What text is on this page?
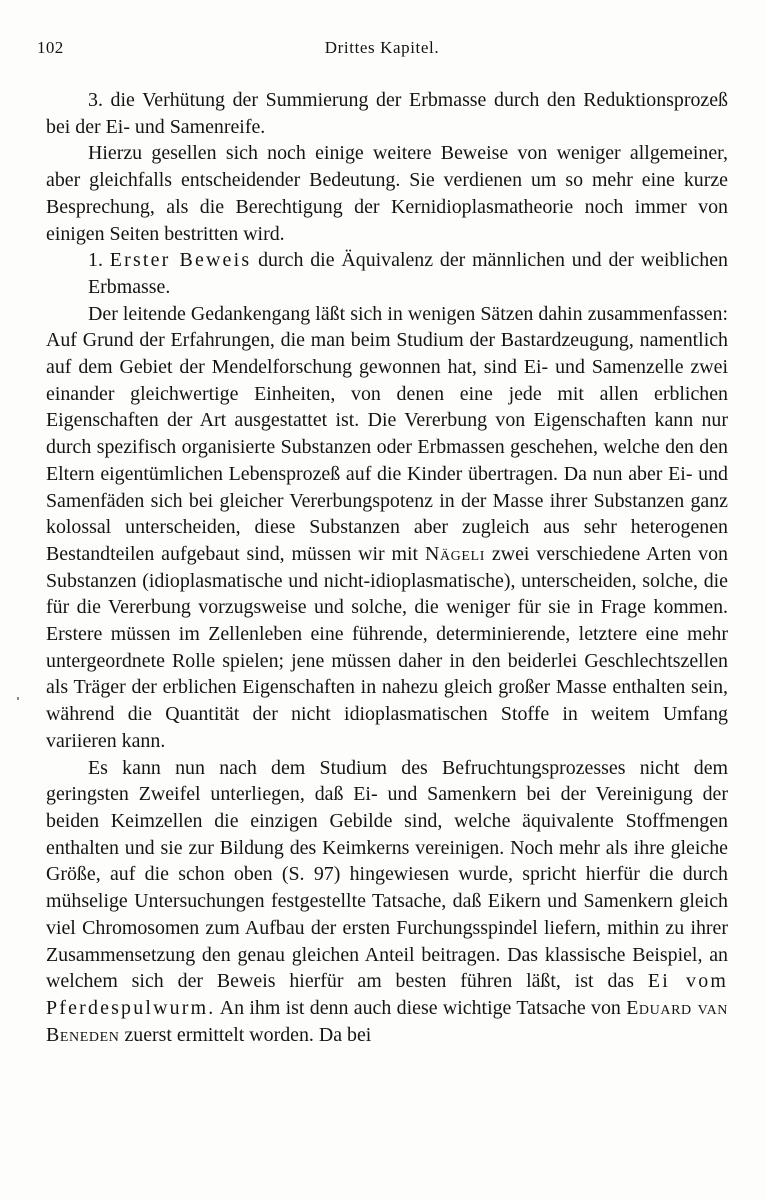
102	Drittes Kapitel.

3. die Verhütung der Summierung der Erbmasse durch den Reduktionsprozeß bei der Ei- und Samenreife.

Hierzu gesellen sich noch einige weitere Beweise von weniger allgemeiner, aber gleichfalls entscheidender Bedeutung. Sie verdienen um so mehr eine kurze Besprechung, als die Berechtigung der Kernidioplasmatheorie noch immer von einigen Seiten bestritten wird.

1. Erster Beweis durch die Äquivalenz der männlichen und der weiblichen Erbmasse.

Der leitende Gedankengang läßt sich in wenigen Sätzen dahin zusammenfassen: Auf Grund der Erfahrungen, die man beim Studium der Bastardzeugung, namentlich auf dem Gebiet der Mendelforschung gewonnen hat, sind Ei- und Samenzelle zwei einander gleichwertige Einheiten, von denen eine jede mit allen erblichen Eigenschaften der Art ausgestattet ist. Die Vererbung von Eigenschaften kann nur durch spezifisch organisierte Substanzen oder Erbmassen geschehen, welche den den Eltern eigentümlichen Lebensprozeß auf die Kinder übertragen. Da nun aber Ei- und Samenfäden sich bei gleicher Vererbungspotenz in der Masse ihrer Substanzen ganz kolossal unterscheiden, diese Substanzen aber zugleich aus sehr heterogenen Bestandteilen aufgebaut sind, müssen wir mit Nägeli zwei verschiedene Arten von Substanzen (idioplasmatische und nicht-idioplasmatische), unterscheiden, solche, die für die Vererbung vorzugsweise und solche, die weniger für sie in Frage kommen. Erstere müssen im Zellenleben eine führende, determinierende, letztere eine mehr untergeordnete Rolle spielen; jene müssen daher in den beiderlei Geschlechtszellen als Träger der erblichen Eigenschaften in nahezu gleich großer Masse enthalten sein, während die Quantität der nicht idioplasmatischen Stoffe in weitem Umfang variieren kann.

Es kann nun nach dem Studium des Befruchtungsprozesses nicht dem geringsten Zweifel unterliegen, daß Ei- und Samenkern bei der Vereinigung der beiden Keimzellen die einzigen Gebilde sind, welche äquivalente Stoffmengen enthalten und sie zur Bildung des Keimkerns vereinigen. Noch mehr als ihre gleiche Größe, auf die schon oben (S. 97) hingewiesen wurde, spricht hierfür die durch mühselige Untersuchungen festgestellte Tatsache, daß Eikern und Samenkern gleich viel Chromosomen zum Aufbau der ersten Furchungsspindel liefern, mithin zu ihrer Zusammensetzung den genau gleichen Anteil beitragen. Das klassische Beispiel, an welchem sich der Beweis hierfür am besten führen läßt, ist das Ei vom Pferdespulwurm. An ihm ist denn auch diese wichtige Tatsache von Eduard van Beneden zuerst ermittelt worden. Da bei
